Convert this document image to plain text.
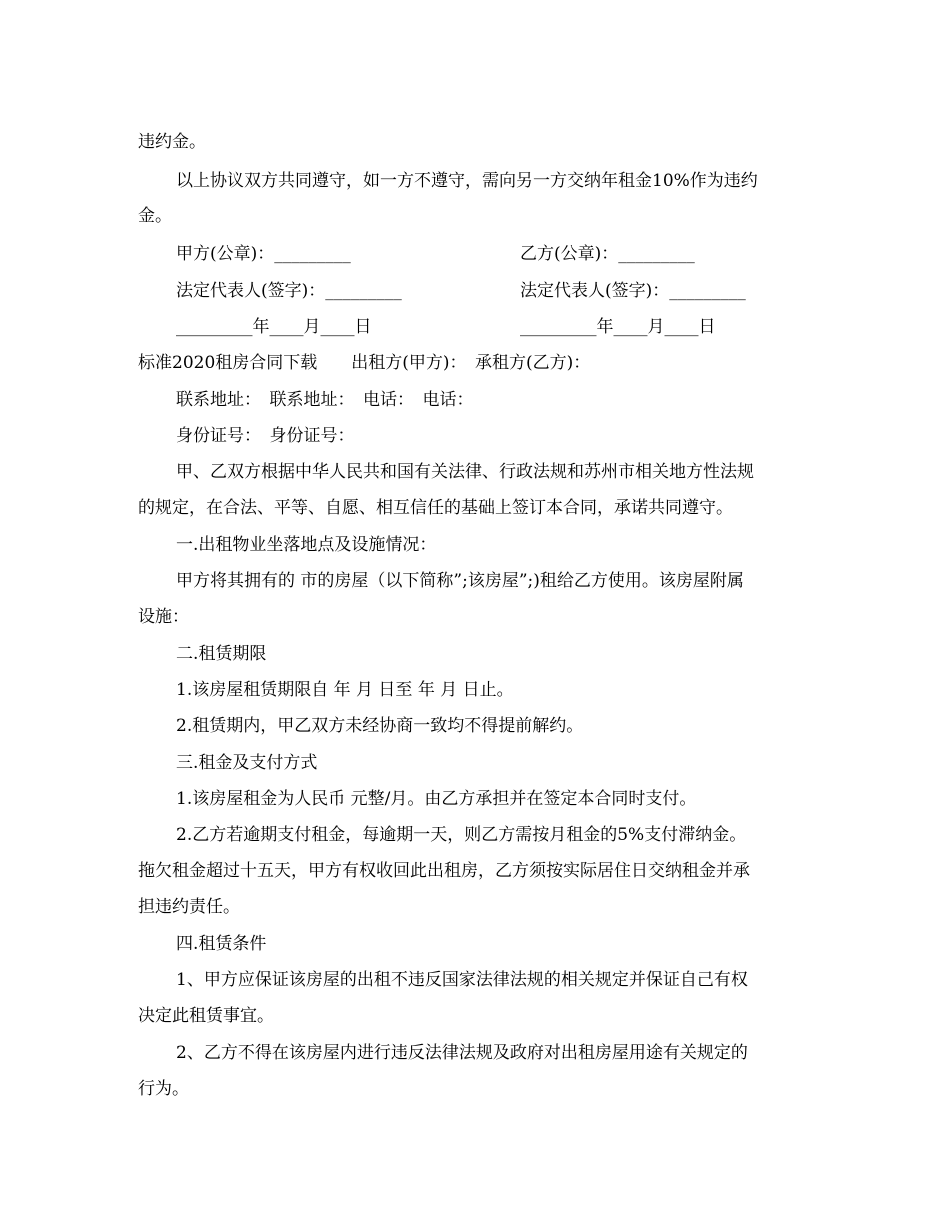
违约金。
以上协议双方共同遵守，如一方不遵守，需向另一方交纳年租金10%作为违约
金。
甲方(公章)：_________	乙方(公章)：_________
法定代表人(签字)：_________	法定代表人(签字)：_________
_________年____月____日	_________年____月____日
标准2020租房合同下载　　出租方(甲方)：　承租方(乙方)：
联系地址：　联系地址：　电话：　电话：
身份证号：　身份证号：
甲、乙双方根据中华人民共和国有关法律、行政法规和苏州市相关地方性法规
的规定，在合法、平等、自愿、相互信任的基础上签订本合同，承诺共同遵守。
一.出租物业坐落地点及设施情况：
甲方将其拥有的 市的房屋（以下简称”;该房屋”;)租给乙方使用。该房屋附属
设施：
二.租赁期限
1.该房屋租赁期限自 年 月 日至 年 月 日止。
2.租赁期内，甲乙双方未经协商一致均不得提前解约。
三.租金及支付方式
1.该房屋租金为人民币 元整/月。由乙方承担并在签定本合同时支付。
2.乙方若逾期支付租金，每逾期一天，则乙方需按月租金的5%支付滞纳金。
拖欠租金超过十五天，甲方有权收回此出租房，乙方须按实际居住日交纳租金并承
担违约责任。
四.租赁条件
1、甲方应保证该房屋的出租不违反国家法律法规的相关规定并保证自己有权
决定此租赁事宜。
2、乙方不得在该房屋内进行违反法律法规及政府对出租房屋用途有关规定的
行为。
